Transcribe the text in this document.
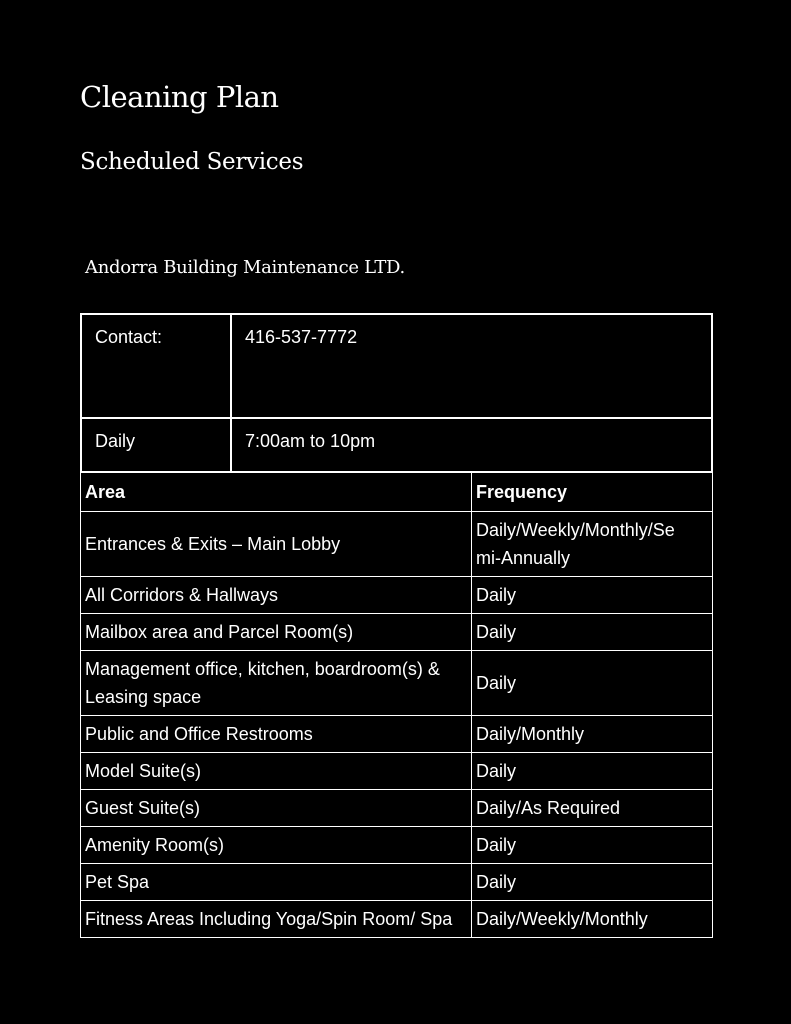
Cleaning Plan
Scheduled Services
Andorra Building Maintenance LTD.
Contact:	416-537-7772
Daily	7:00am to 10pm
Area	Frequency
Entrances & Exits – Main Lobby	Daily/Weekly/Monthly/Se
mi-Annually
All Corridors & Hallways	Daily
Mailbox area and Parcel Room(s)	Daily
Management office, kitchen, boardroom(s) & Leasing space	Daily
Public and Office Restrooms	Daily/Monthly
Model Suite(s)	Daily
Guest Suite(s)	Daily/As Required
Amenity Room(s)	Daily
Pet Spa	Daily
Fitness Areas Including Yoga/Spin Room/ Spa	Daily/Weekly/Monthly
